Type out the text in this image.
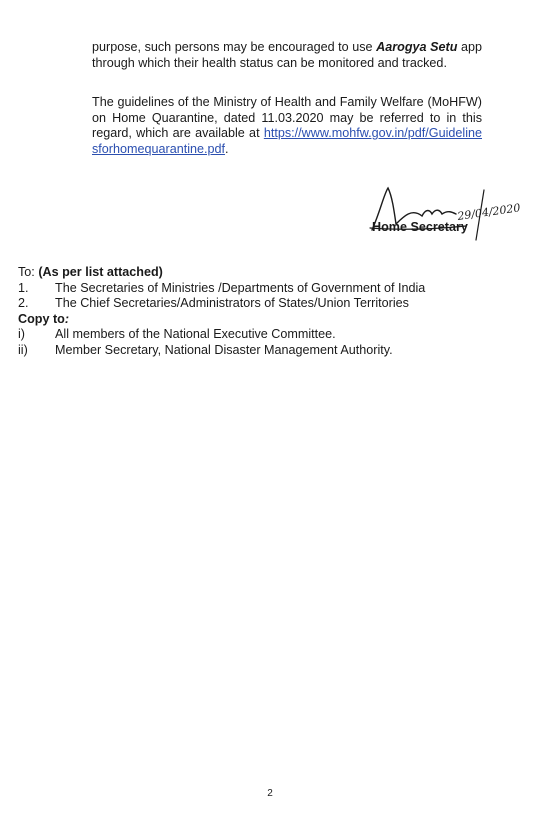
purpose, such persons may be encouraged to use Aarogya Setu app through which their health status can be monitored and tracked.
The guidelines of the Ministry of Health and Family Welfare (MoHFW) on Home Quarantine, dated 11.03.2020 may be referred to in this regard, which are available at https://www.mohfw.gov.in/pdf/Guidelinesforhomequarantine.pdf.
29/04/2020
Home Secretary
To:
(As per list attached)
1.	The Secretaries of Ministries /Departments of Government of India
2.	The Chief Secretaries/Administrators of States/Union Territories
Copy to :
i)	All members of the National Executive Committee.
ii)	Member Secretary, National Disaster Management Authority.
2
